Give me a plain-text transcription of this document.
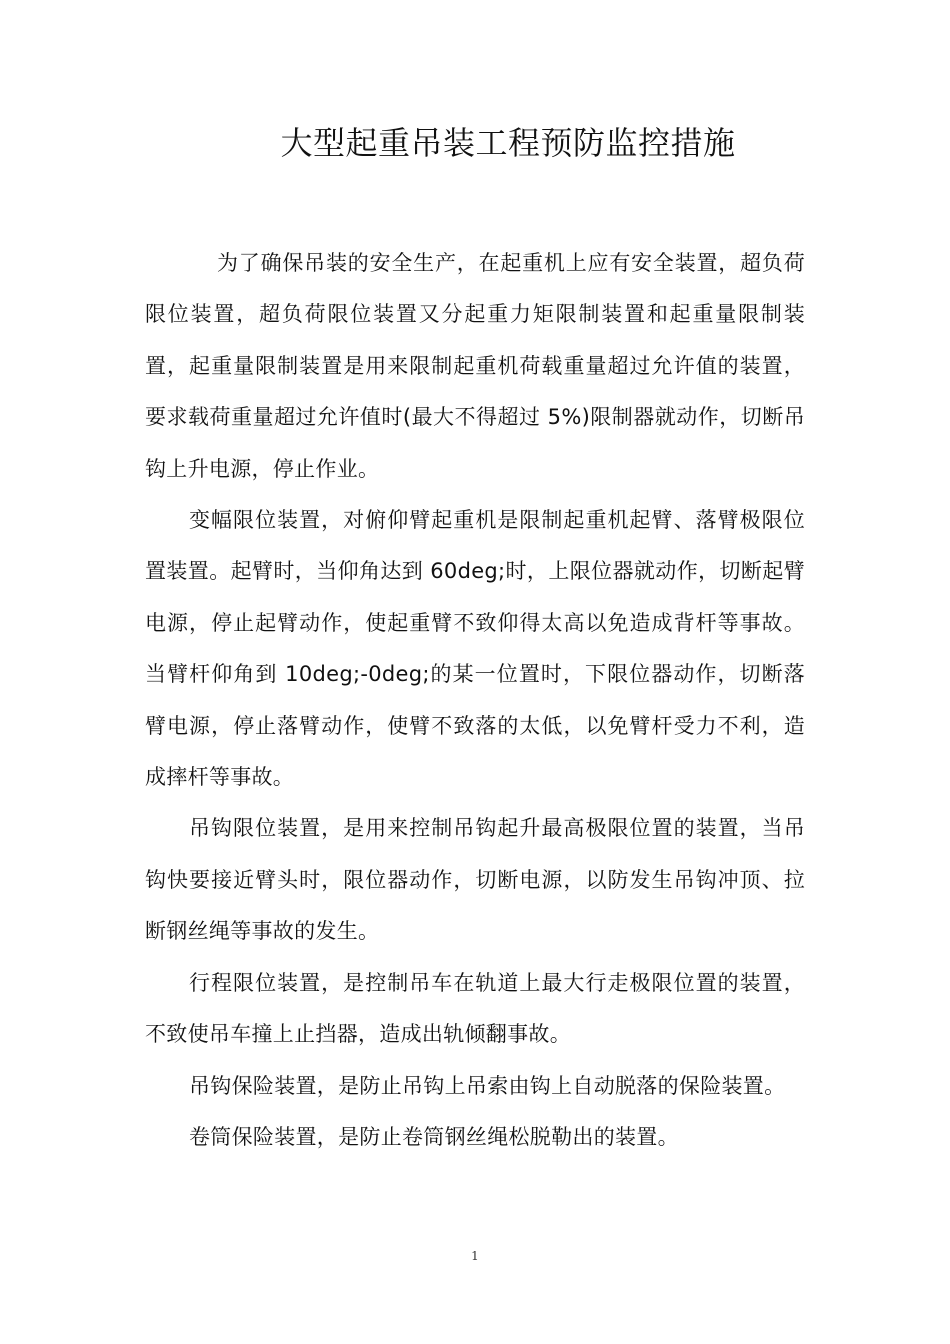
大型起重吊装工程预防监控措施

为了确保吊装的安全生产，在起重机上应有安全装置，超负荷限位装置，超负荷限位装置又分起重力矩限制装置和起重量限制装置，起重量限制装置是用来限制起重机荷载重量超过允许值的装置，要求载荷重量超过允许值时(最大不得超过 5%)限制器就动作，切断吊钩上升电源，停止作业。

变幅限位装置，对俯仰臂起重机是限制起重机起臂、落臂极限位置装置。起臂时，当仰角达到 60deg;时，上限位器就动作，切断起臂电源，停止起臂动作，使起重臂不致仰得太高以免造成背杆等事故。当臂杆仰角到 10deg;-0deg;的某一位置时，下限位器动作，切断落臂电源，停止落臂动作，使臂不致落的太低，以免臂杆受力不利，造成摔杆等事故。

吊钩限位装置，是用来控制吊钩起升最高极限位置的装置，当吊钩快要接近臂头时，限位器动作，切断电源，以防发生吊钩冲顶、拉断钢丝绳等事故的发生。

行程限位装置，是控制吊车在轨道上最大行走极限位置的装置，不致使吊车撞上止挡器，造成出轨倾翻事故。

吊钩保险装置，是防止吊钩上吊索由钩上自动脱落的保险装置。

卷筒保险装置，是防止卷筒钢丝绳松脱勒出的装置。

1
